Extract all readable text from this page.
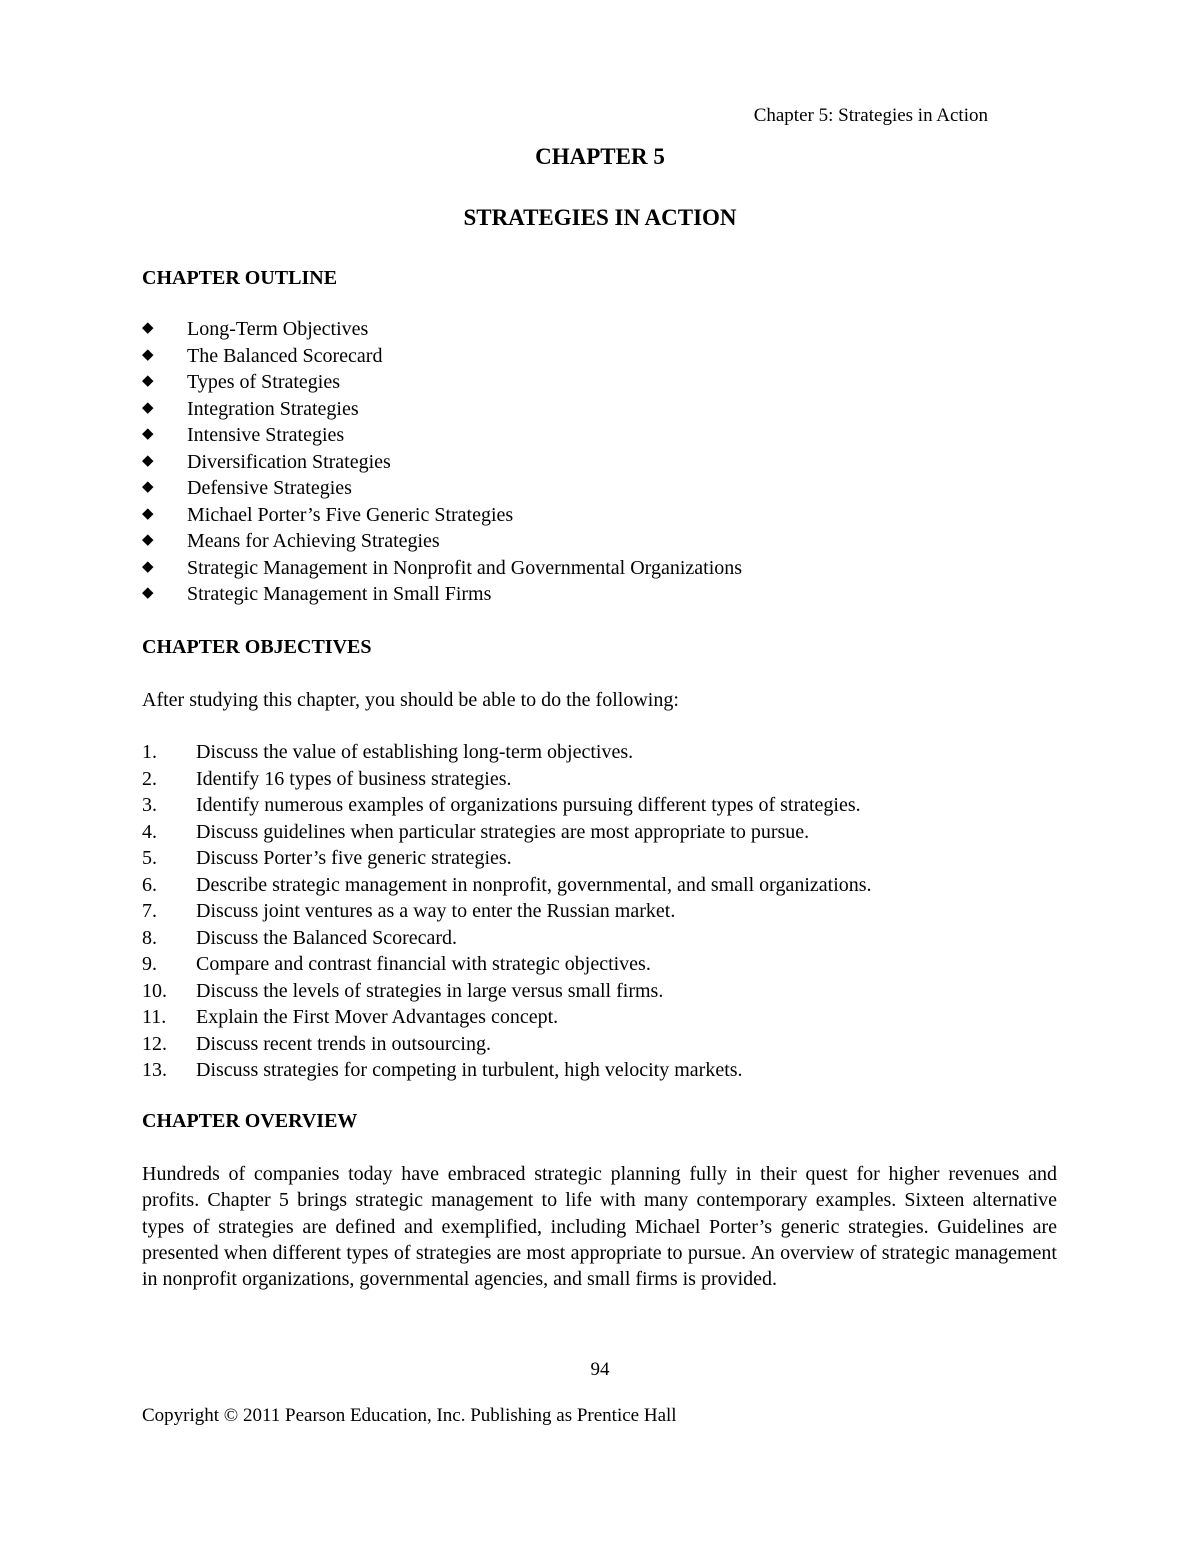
Chapter 5: Strategies in Action
CHAPTER 5
STRATEGIES IN ACTION
CHAPTER OUTLINE
◆ Long-Term Objectives
◆ The Balanced Scorecard
◆ Types of Strategies
◆ Integration Strategies
◆ Intensive Strategies
◆ Diversification Strategies
◆ Defensive Strategies
◆ Michael Porter’s Five Generic Strategies
◆ Means for Achieving Strategies
◆ Strategic Management in Nonprofit and Governmental Organizations
◆ Strategic Management in Small Firms
CHAPTER OBJECTIVES
After studying this chapter, you should be able to do the following:
1. Discuss the value of establishing long-term objectives.
2. Identify 16 types of business strategies.
3. Identify numerous examples of organizations pursuing different types of strategies.
4. Discuss guidelines when particular strategies are most appropriate to pursue.
5. Discuss Porter’s five generic strategies.
6. Describe strategic management in nonprofit, governmental, and small organizations.
7. Discuss joint ventures as a way to enter the Russian market.
8. Discuss the Balanced Scorecard.
9. Compare and contrast financial with strategic objectives.
10. Discuss the levels of strategies in large versus small firms.
11. Explain the First Mover Advantages concept.
12. Discuss recent trends in outsourcing.
13. Discuss strategies for competing in turbulent, high velocity markets.
CHAPTER OVERVIEW

Hundreds of companies today have embraced strategic planning fully in their quest for higher revenues and profits. Chapter 5 brings strategic management to life with many contemporary examples. Sixteen alternative types of strategies are defined and exemplified, including Michael Porter’s generic strategies. Guidelines are presented when different types of strategies are most appropriate to pursue. An overview of strategic management in nonprofit organizations, governmental agencies, and small firms is provided.

94
Copyright © 2011 Pearson Education, Inc. Publishing as Prentice Hall
